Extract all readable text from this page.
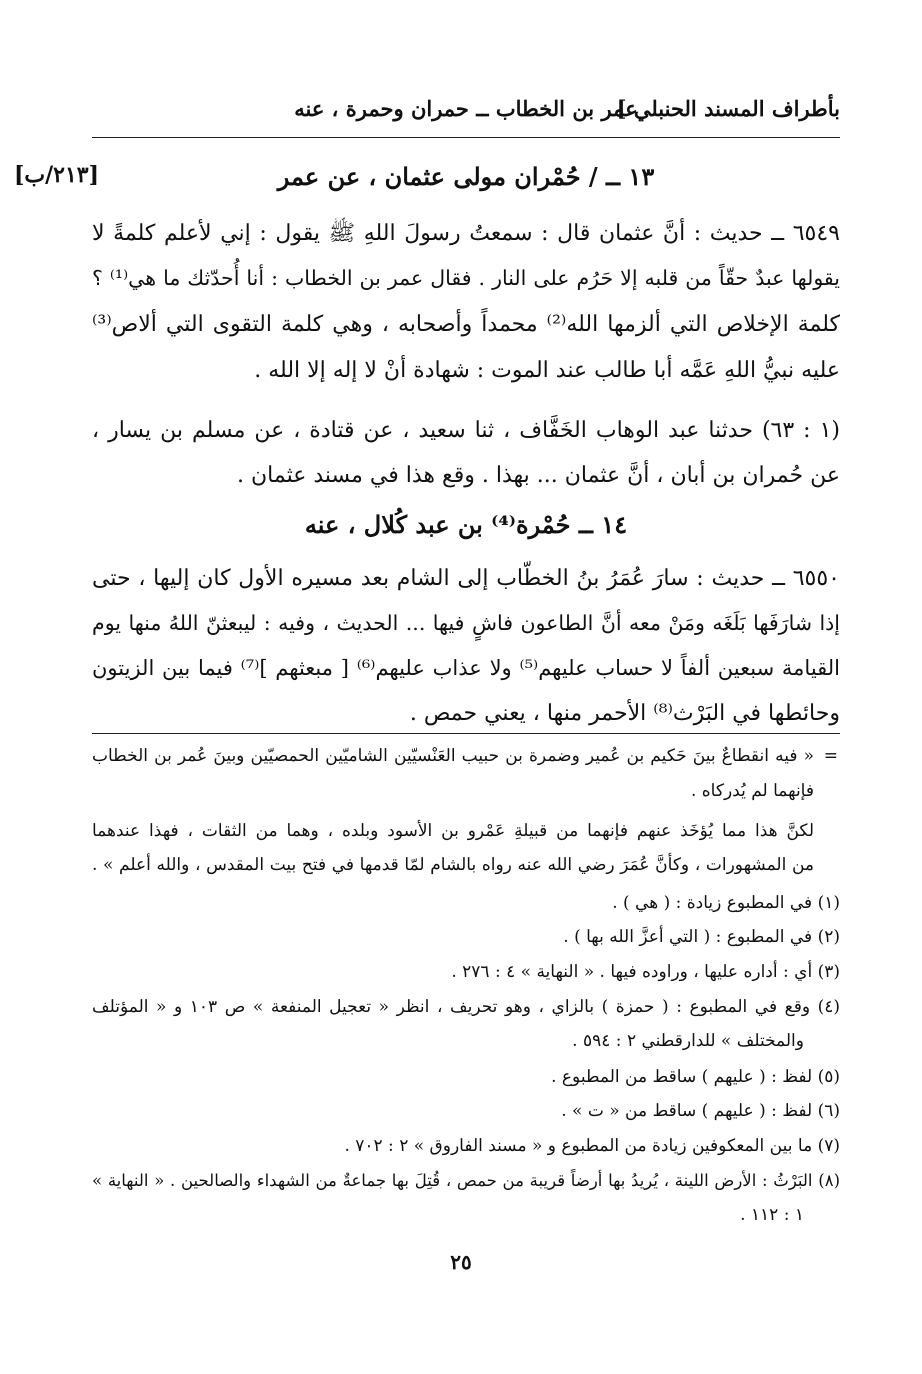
بأطراف المسند الحنبلي ]
عمر بن الخطاب ــ حمران وحمرة ، عنه
[٢١٣/ب]	١٣ ــ / حُمْران مولى عثمان ، عن عمر
٦٥٤٩ ــ حديث : أنَّ عثمان قال : سمعتُ رسولَ اللهِ ﷺ يقول : إني لأعلم كلمةً لا
يقولها عبدٌ حقّاً من قلبه إلا حَرُم على النار . فقال عمر بن الخطاب : أنا أُحدّثك ما هي⁽¹⁾ ؟
كلمة الإخلاص التي ألزمها الله⁽²⁾ محمداً وأصحابه ، وهي كلمة التقوى التي ألاص⁽³⁾
عليه نبيُّ اللهِ عَمَّه أبا طالب عند الموت : شهادة أنْ لا إله إلا الله .
(١ : ٦٣) حدثنا عبد الوهاب الخَفَّاف ، ثنا سعيد ، عن قتادة ، عن مسلم بن يسار ،
عن حُمران بن أبان ، أنَّ عثمان ... بهذا . وقع هذا في مسند عثمان .
١٤ ــ حُمْرة⁽⁴⁾ بن عبد كُلال ، عنه
٦٥٥٠ ــ حديث : سارَ عُمَرُ بنُ الخطّاب إلى الشام بعد مسيره الأول كان إليها ، حتى
إذا شارَفَها بَلَغَه ومَنْ معه أنَّ الطاعون فاشٍ فيها ... الحديث ، وفيه : ليبعثنّ اللهُ منها يوم
القيامة سبعين ألفاً لا حساب عليهم⁽⁵⁾ ولا عذاب عليهم⁽⁶⁾ [ مبعثهم ]⁽⁷⁾ فيما بين الزيتون
وحائطها في البَرْث⁽⁸⁾ الأحمر منها ، يعني حمص .
=
« فيه انقطاعٌ بينَ حَكيم بن عُمير وضمرة بن حبيب العَنْسيّين الشاميّين الحمصيّين وبينَ عُمر بن الخطاب
فإنهما لم يُدركاه .
لكنَّ هذا مما يُؤخَذ عنهم فإنهما من قبيلةِ عَمْرو بن الأسود وبلده ، وهما من الثقات ، فهذا عندهما
من المشهورات ، وكأنَّ عُمَرَ رضي الله عنه رواه بالشام لمّا قدمها في فتح بيت المقدس ، والله أعلم » .
(١) في المطبوع زيادة : ( هي ) .
(٢) في المطبوع : ( التي أعزَّ الله بها ) .
(٣) أي : أداره عليها ، وراوده فيها . « النهاية » ٤ : ٢٧٦ .
(٤) وقع في المطبوع : ( حمزة ) بالزاي ، وهو تحريف ، انظر « تعجيل المنفعة » ص ١٠٣ و « المؤتلف
والمختلف » للدارقطني ٢ : ٥٩٤ .
(٥) لفظ : ( عليهم ) ساقط من المطبوع .
(٦) لفظ : ( عليهم ) ساقط من « ت » .
(٧) ما بين المعكوفين زيادة من المطبوع و « مسند الفاروق » ٢ : ٧٠٢ .
(٨) البَرْثُ : الأرض اللينة ، يُريدُ بها أرضاً قريبة من حمص ، قُتِلَ بها جماعةٌ من الشهداء والصالحين . « النهاية »
١ : ١١٢ .
٢٥
